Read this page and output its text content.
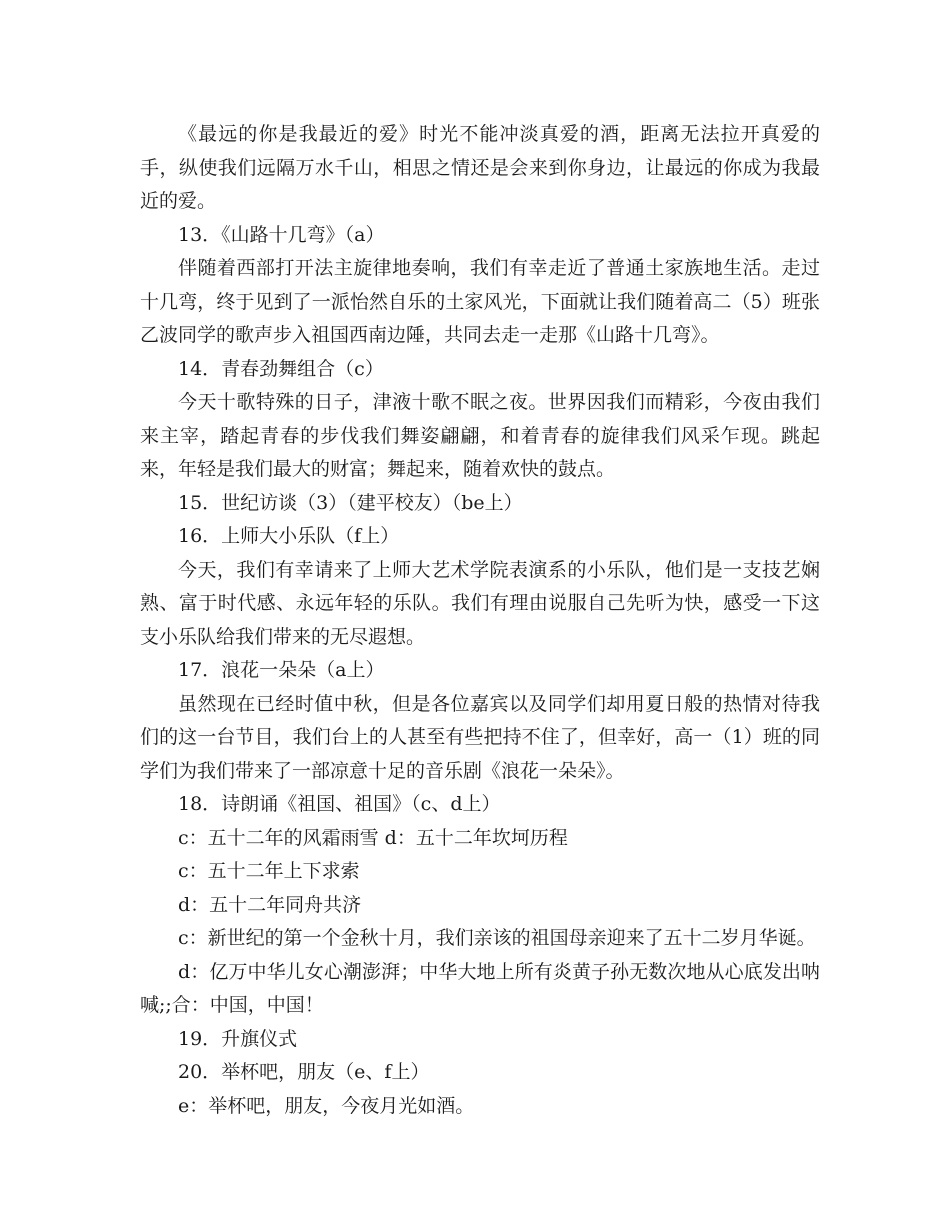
《最远的你是我最近的爱》时光不能冲淡真爱的酒，距离无法拉开真爱的手，纵使我们远隔万水千山，相思之情还是会来到你身边，让最远的你成为我最近的爱。

13．《山路十几弯》（a）

伴随着西部打开法主旋律地奏响，我们有幸走近了普通土家族地生活。走过十几弯，终于见到了一派怡然自乐的土家风光，下面就让我们随着高二（5）班张乙波同学的歌声步入祖国西南边陲，共同去走一走那《山路十几弯》。

14．青春劲舞组合（c）

今天十歌特殊的日子，津液十歌不眠之夜。世界因我们而精彩，今夜由我们来主宰，踏起青春的步伐我们舞姿翩翩，和着青春的旋律我们风采乍现。跳起来，年轻是我们最大的财富；舞起来，随着欢快的鼓点。

15．世纪访谈（3）（建平校友）（be上）

16．上师大小乐队（f上）

今天，我们有幸请来了上师大艺术学院表演系的小乐队，他们是一支技艺娴熟、富于时代感、永远年轻的乐队。我们有理由说服自己先听为快，感受一下这支小乐队给我们带来的无尽遐想。

17．浪花一朵朵（a上）

虽然现在已经时值中秋，但是各位嘉宾以及同学们却用夏日般的热情对待我们的这一台节目，我们台上的人甚至有些把持不住了，但幸好，高一（1）班的同学们为我们带来了一部凉意十足的音乐剧《浪花一朵朵》。

18．诗朗诵《祖国、祖国》（c、d上）

c：五十二年的风霜雨雪 d：五十二年坎坷历程

c：五十二年上下求索

d：五十二年同舟共济

c：新世纪的第一个金秋十月，我们亲该的祖国母亲迎来了五十二岁月华诞。

d：亿万中华儿女心潮澎湃；中华大地上所有炎黄子孙无数次地从心底发出呐喊;;合：中国，中国！

19．升旗仪式

20．举杯吧，朋友（e、f上）

e：举杯吧，朋友，今夜月光如酒。
